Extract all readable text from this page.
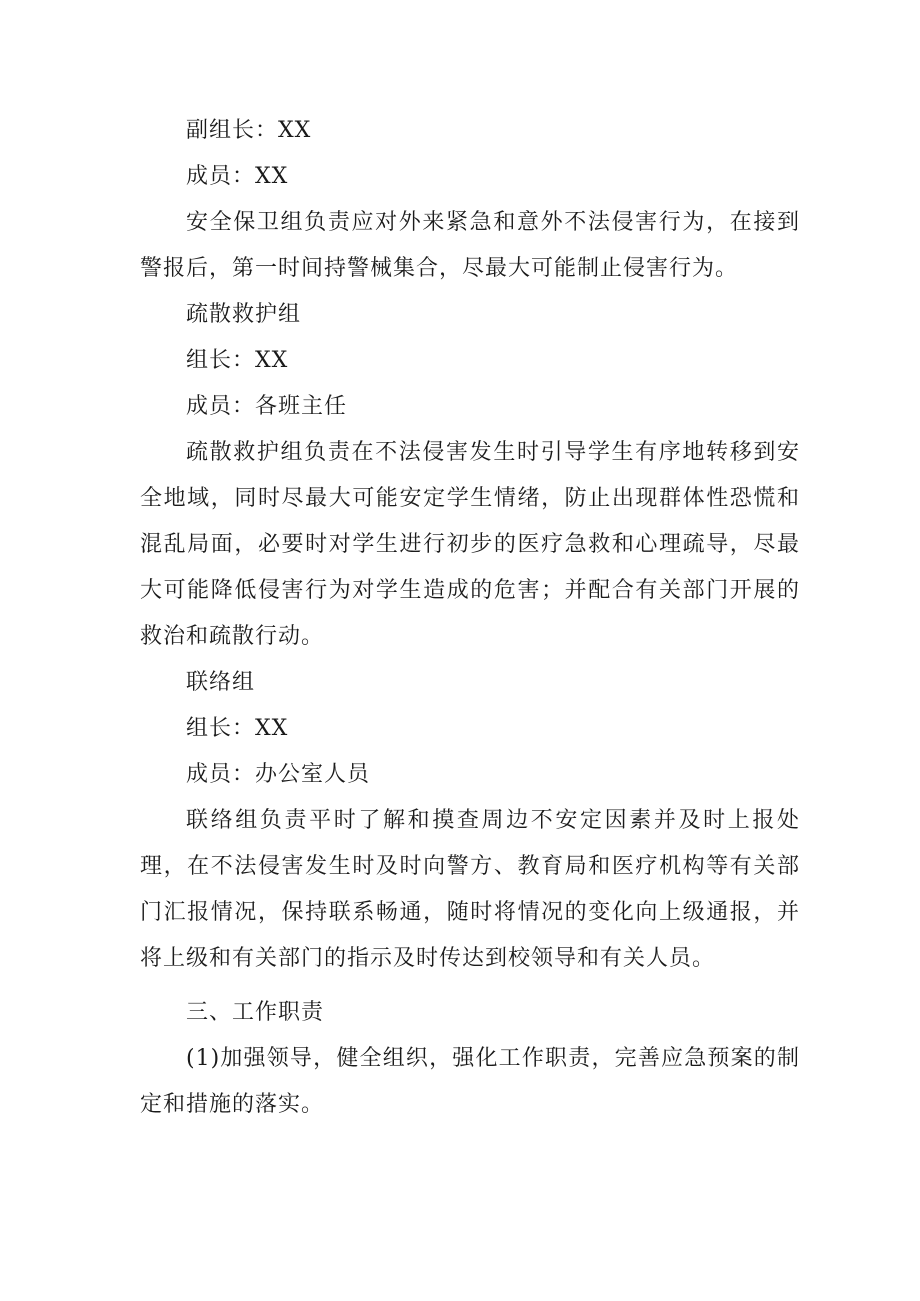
副组长：XX

成员：XX

安全保卫组负责应对外来紧急和意外不法侵害行为，在接到警报后，第一时间持警械集合，尽最大可能制止侵害行为。

疏散救护组

组长：XX

成员：各班主任

疏散救护组负责在不法侵害发生时引导学生有序地转移到安全地域，同时尽最大可能安定学生情绪，防止出现群体性恐慌和混乱局面，必要时对学生进行初步的医疗急救和心理疏导，尽最大可能降低侵害行为对学生造成的危害；并配合有关部门开展的救治和疏散行动。

联络组

组长：XX

成员：办公室人员

联络组负责平时了解和摸查周边不安定因素并及时上报处理，在不法侵害发生时及时向警方、教育局和医疗机构等有关部门汇报情况，保持联系畅通，随时将情况的变化向上级通报，并将上级和有关部门的指示及时传达到校领导和有关人员。

三、工作职责

(1)加强领导，健全组织，强化工作职责，完善应急预案的制定和措施的落实。
